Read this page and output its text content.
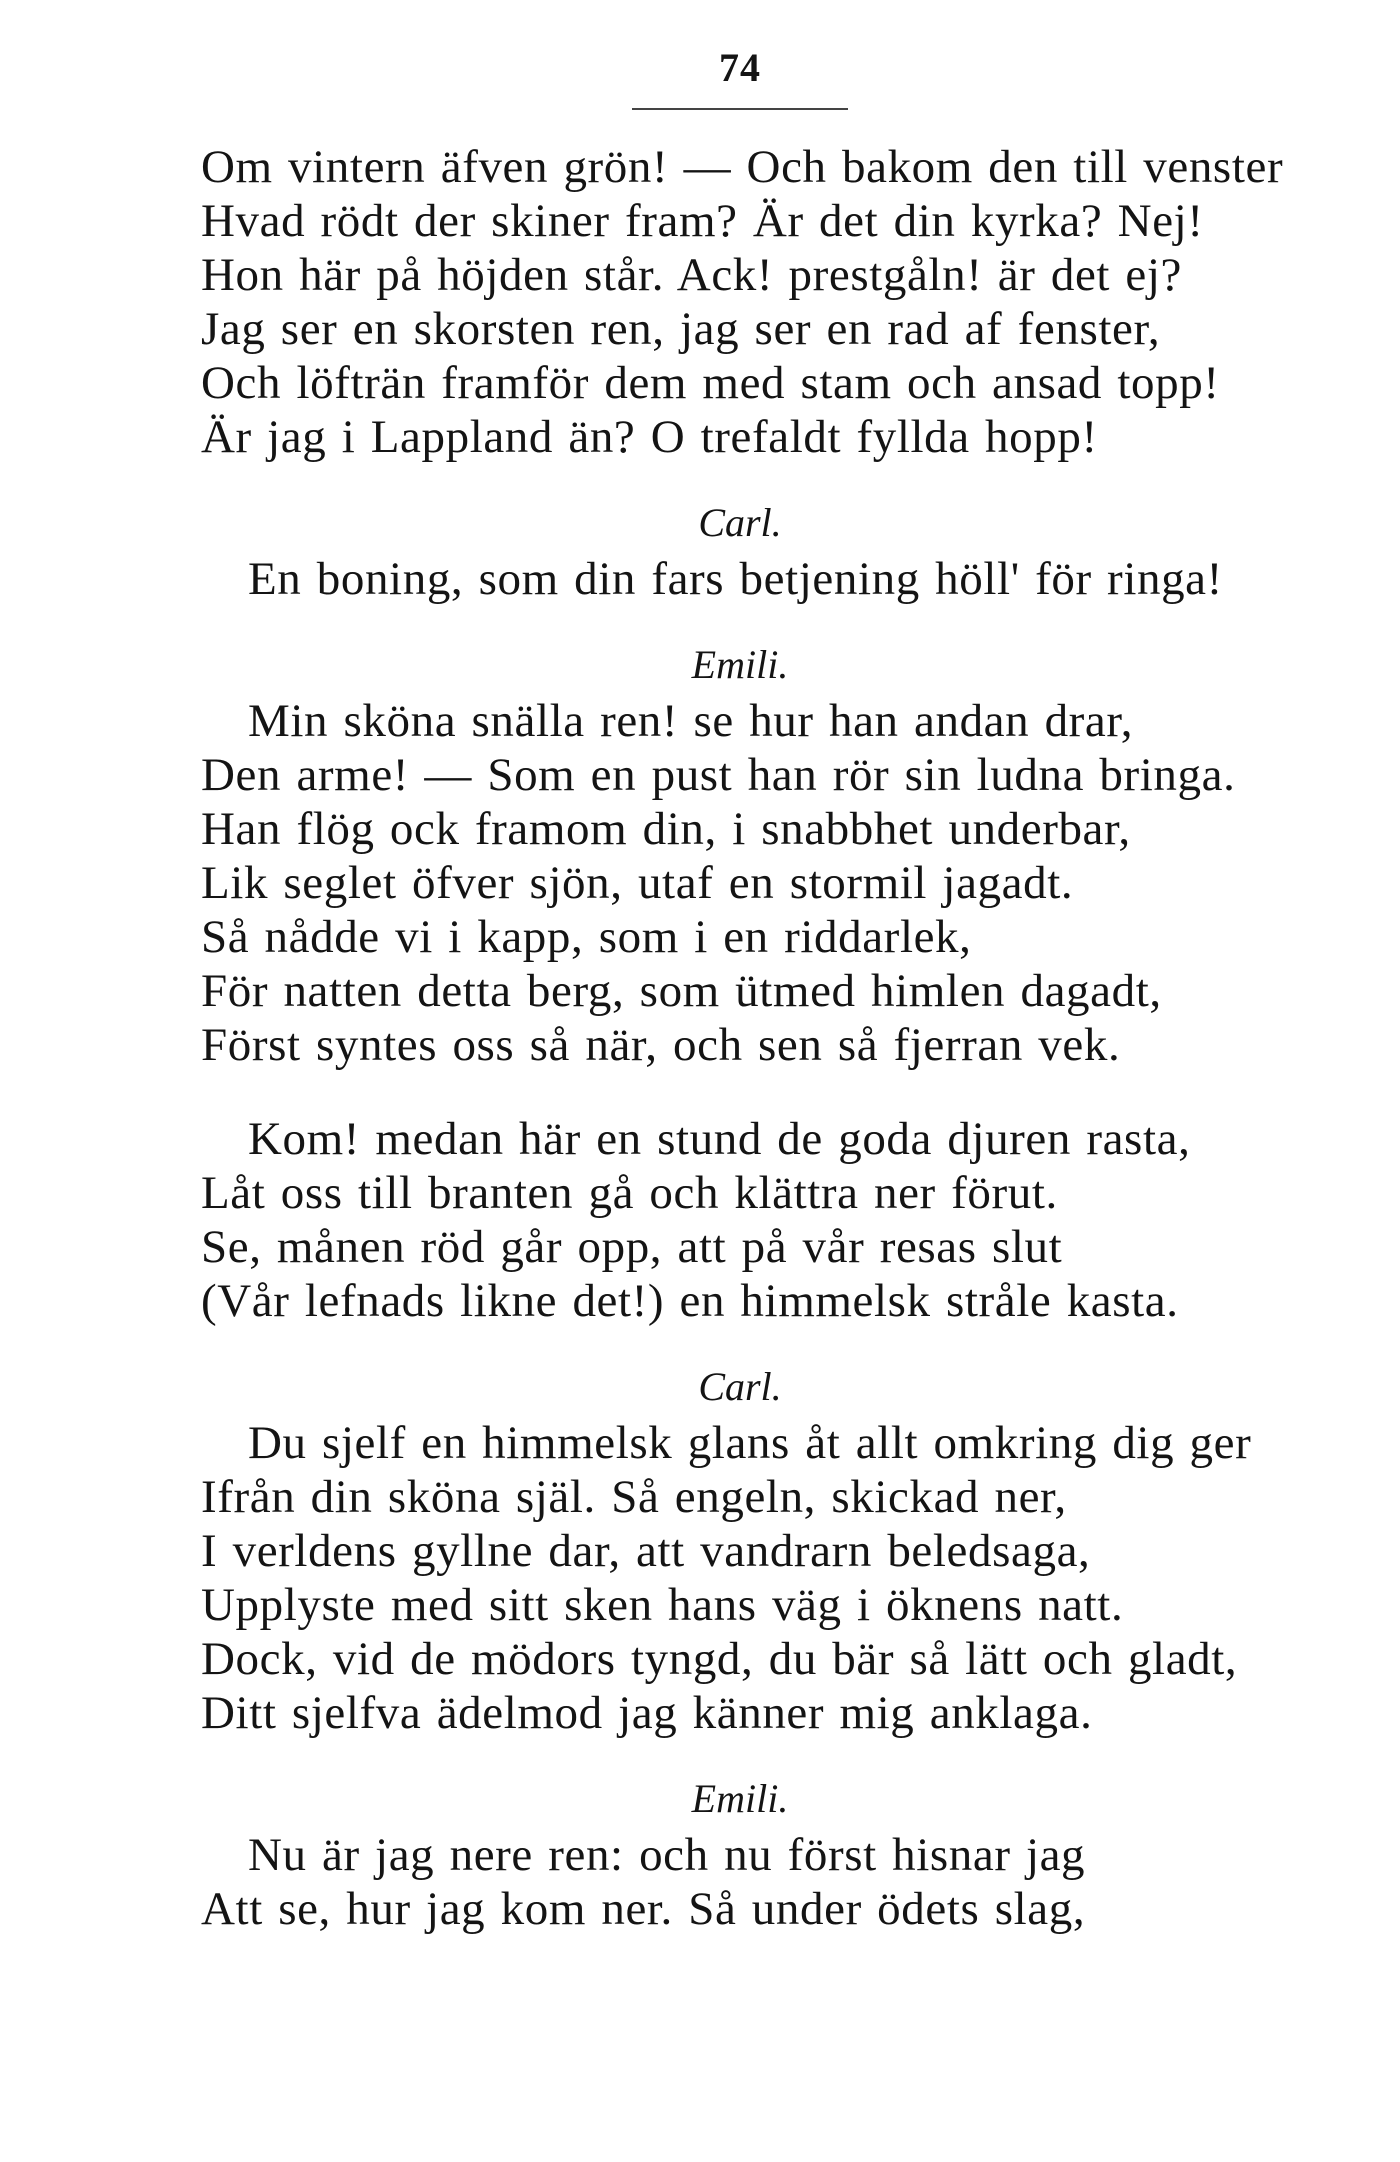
74
Om vintern äfven grön! — Och bakom den till venster
Hvad rödt der skiner fram? Är det din kyrka? Nej!
Hon här på höjden står. Ack! prestgåln! är det ej?
Jag ser en skorsten ren, jag ser en rad af fenster,
Och löfträn framför dem med stam och ansad topp!
Är jag i Lappland än? O trefaldt fyllda hopp!
Carl.
En boning, som din fars betjening höll' för ringa!
Emili.
Min sköna snälla ren! se hur han andan drar,
Den arme! — Som en pust han rör sin ludna bringa.
Han flög ock framom din, i snabbhet underbar,
Lik seglet öfver sjön, utaf en stormil jagadt.
Så nådde vi i kapp, som i en riddarlek,
För natten detta berg, som ütmed himlen dagadt,
Först syntes oss så när, och sen så fjerran vek.
Kom! medan här en stund de goda djuren rasta,
Låt oss till branten gå och klättra ner förut.
Se, månen röd går opp, att på vår resas slut
(Vår lefnads likne det!) en himmelsk stråle kasta.
Carl.
Du sjelf en himmelsk glans åt allt omkring dig ger
Ifrån din sköna själ. Så engeln, skickad ner,
I verldens gyllne dar, att vandrarn beledsaga,
Upplyste med sitt sken hans väg i öknens natt.
Dock, vid de mödors tyngd, du bär så lätt och gladt,
Ditt sjelfva ädelmod jag känner mig anklaga.
Emili.
Nu är jag nere ren: och nu först hisnar jag
Att se, hur jag kom ner. Så under ödets slag,
